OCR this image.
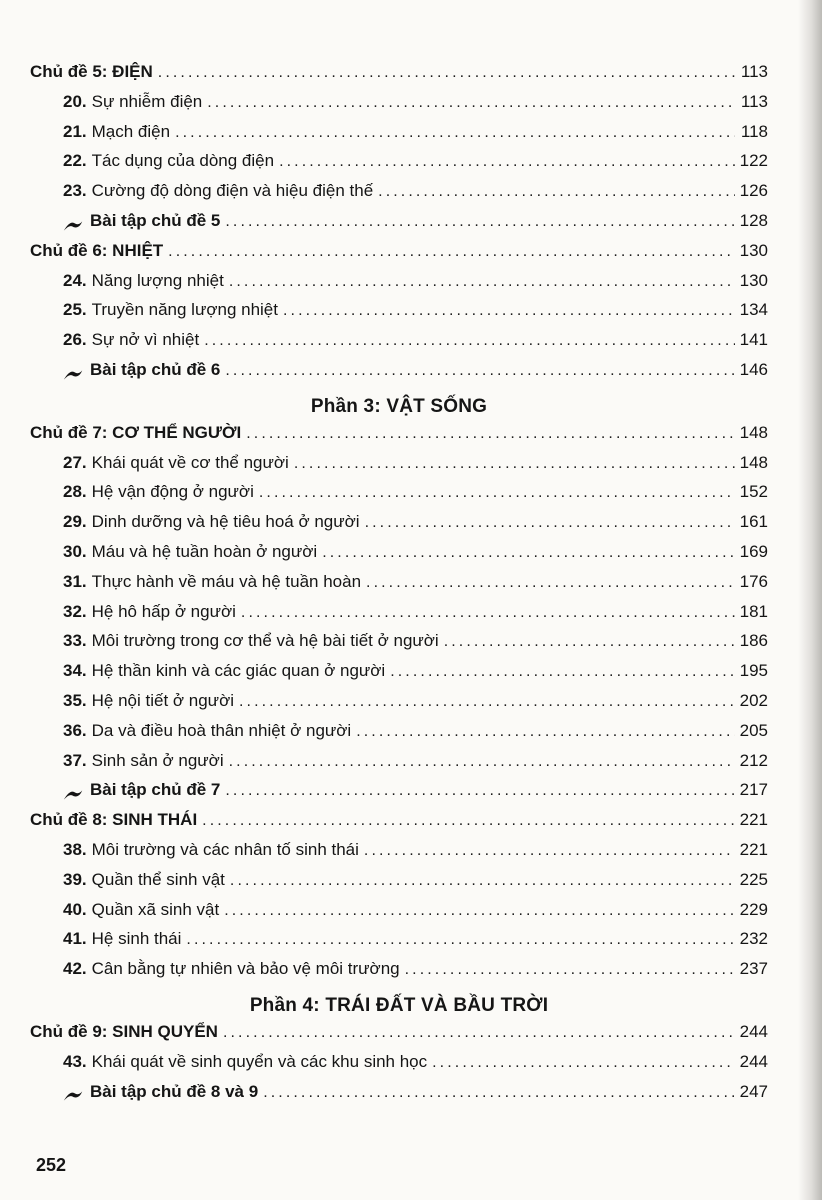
Chủ đề 5: ĐIỆN .....	113
20. Sự nhiễm điện .....	113
21. Mạch điện .....	118
22. Tác dụng của dòng điện .....	122
23. Cường độ dòng điện và hiệu điện thế .....	126
Bài tập chủ đề 5 .....	128
Chủ đề 6: NHIỆT .....	130
24. Năng lượng nhiệt .....	130
25. Truyền năng lượng nhiệt .....	134
26. Sự nở vì nhiệt .....	141
Bài tập chủ đề 6 .....	146
Phần 3: VẬT SỐNG
Chủ đề 7: CƠ THỂ NGƯỜI .....	148
27. Khái quát về cơ thể người .....	148
28. Hệ vận động ở người .....	152
29. Dinh dưỡng và hệ tiêu hoá ở người .....	161
30. Máu và hệ tuần hoàn ở người .....	169
31. Thực hành về máu và hệ tuần hoàn .....	176
32. Hệ hô hấp ở người .....	181
33. Môi trường trong cơ thể và hệ bài tiết ở người .....	186
34. Hệ thần kinh và các giác quan ở người .....	195
35. Hệ nội tiết ở người .....	202
36. Da và điều hoà thân nhiệt ở người .....	205
37. Sinh sản ở người .....	212
Bài tập chủ đề 7 .....	217
Chủ đề 8: SINH THÁI .....	221
38. Môi trường và các nhân tố sinh thái .....	221
39. Quần thể sinh vật .....	225
40. Quần xã sinh vật .....	229
41. Hệ sinh thái .....	232
42. Cân bằng tự nhiên và bảo vệ môi trường .....	237
Phần 4: TRÁI ĐẤT VÀ BẦU TRỜI
Chủ đề 9: SINH QUYỂN .....	244
43. Khái quát về sinh quyển và các khu sinh học .....	244
Bài tập chủ đề 8 và 9 .....	247
252
